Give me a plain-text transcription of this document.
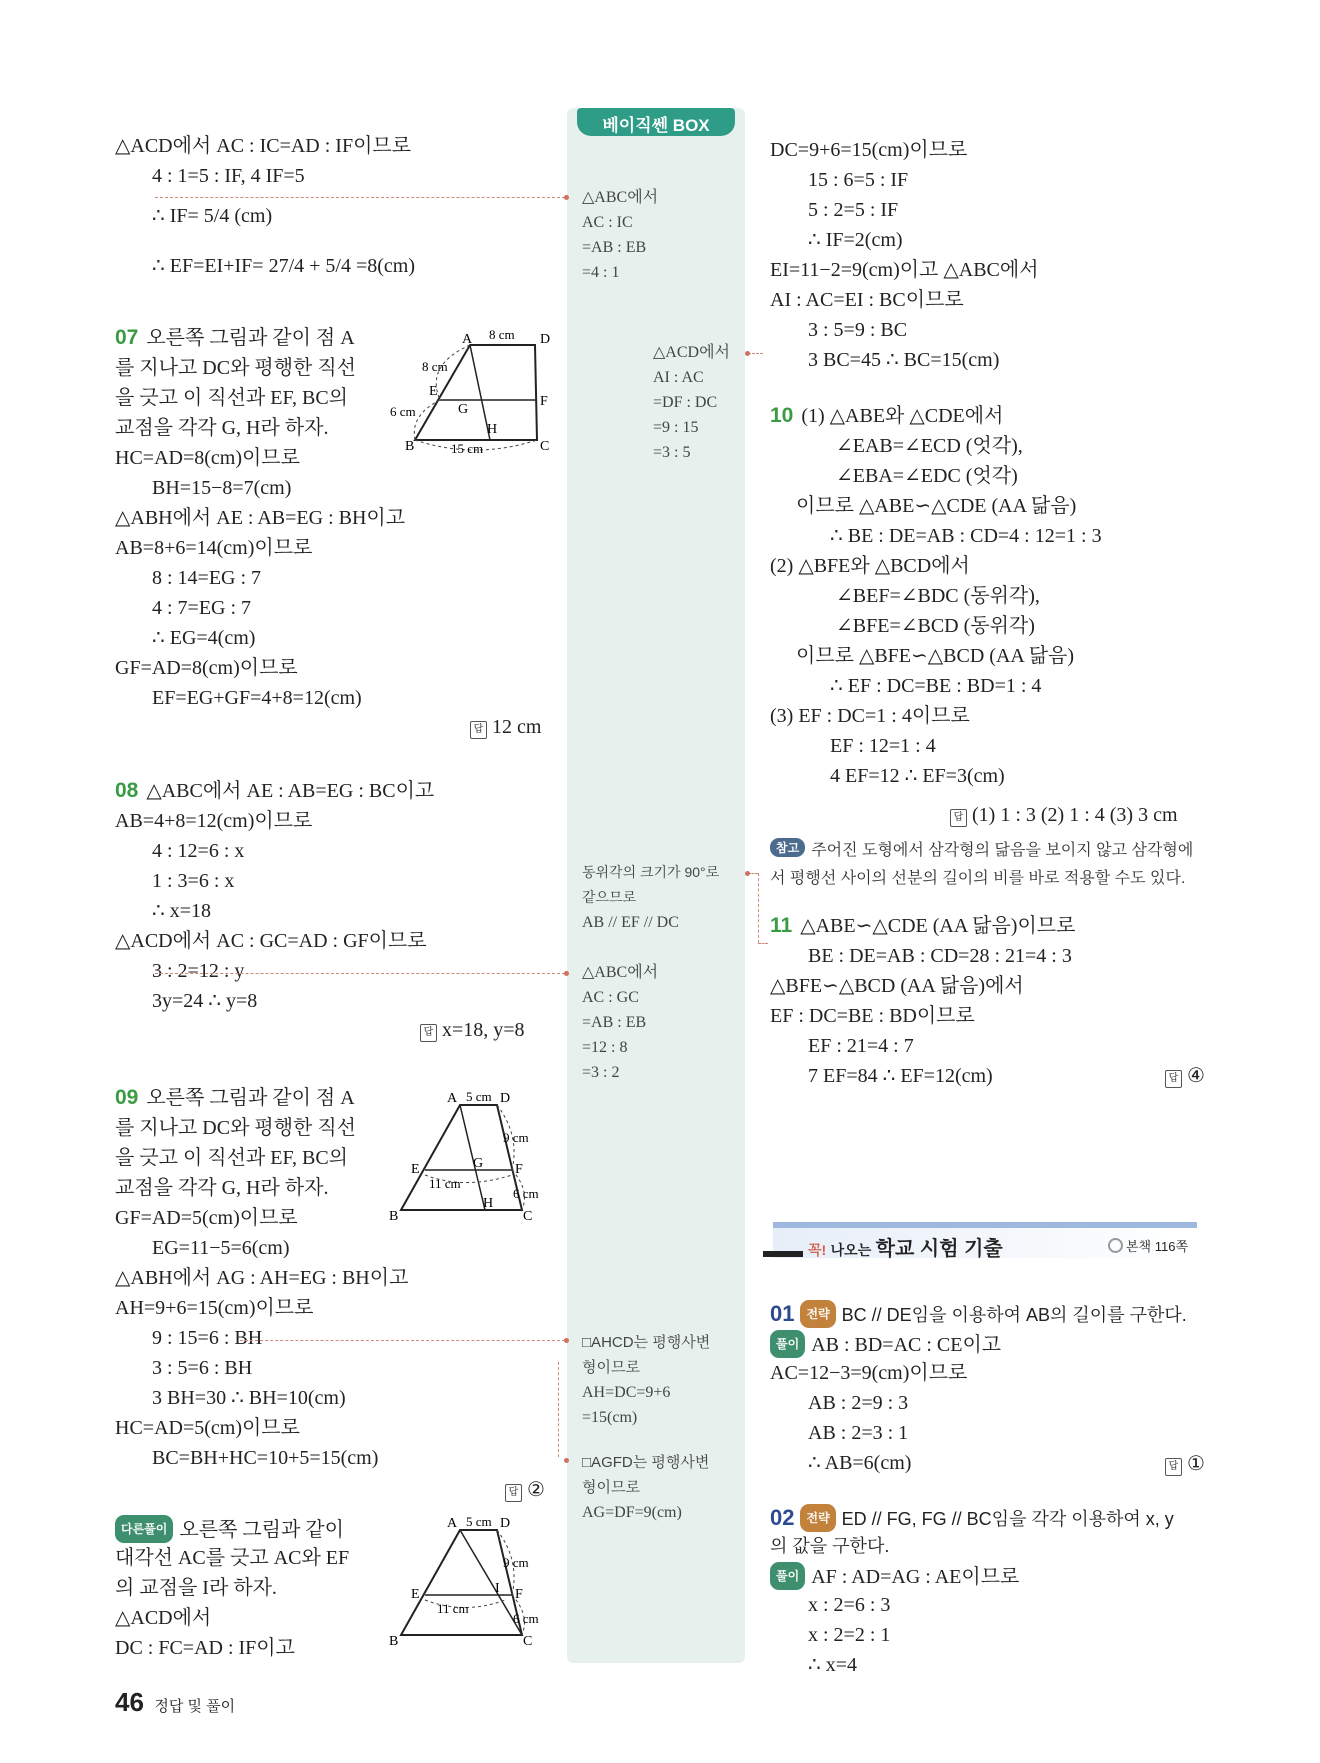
△ACD에서 AC : IC=AD : IF이므로
4 : 1=5 : IF, 4 IF=5
∴ IF= 5/4 (cm)
∴ EF=EI+IF= 27/4 + 5/4 =8(cm)
07 오른쪽 그림과 같이 점 A
를 지나고 DC와 평행한 직선
을 긋고 이 직선과 EF, BC의
교점을 각각 G, H라 하자.
HC=AD=8(cm)이므로
BH=15−8=7(cm)
△ABH에서 AE : AB=EG : BH이고
AB=8+6=14(cm)이므로
8 : 14=EG : 7
4 : 7=EG : 7
∴ EG=4(cm)
GF=AD=8(cm)이므로
EF=EG+GF=4+8=12(cm)
답 12 cm
A	D
E
G
F
B
H
C
8 cm
8 cm
6 cm
15 cm
08 △ABC에서 AE : AB=EG : BC이고
AB=4+8=12(cm)이므로
4 : 12=6 : x
1 : 3=6 : x
∴ x=18
△ACD에서 AC : GC=AD : GF이므로
3 : 2=12 : y
3y=24 ∴ y=8
답 x=18, y=8
09 오른쪽 그림과 같이 점 A
를 지나고 DC와 평행한 직선
을 긋고 이 직선과 EF, BC의
교점을 각각 G, H라 하자.
GF=AD=5(cm)이므로
EG=11−5=6(cm)
△ABH에서 AG : AH=EG : BH이고
AH=9+6=15(cm)이므로
9 : 15=6 : BH
3 : 5=6 : BH
3 BH=30 ∴ BH=10(cm)
HC=AD=5(cm)이므로
BC=BH+HC=10+5=15(cm)
답 ②
A	D
E	G F
B
H
C
5 cm
9 cm
11 cm
6 cm
다른풀이 오른쪽 그림과 같이
대각선 AC를 긋고 AC와 EF
의 교점을 I라 하자.
△ACD에서
DC : FC=AD : IF이고
A	D
E	I F
B	C
5 cm
9 cm
11 cm
6 cm
베이직쎈 BOX
△ABC에서
AC : IC
=AB : EB
=4 : 1
△ACD에서
AI : AC
=DF : DC
=9 : 15
=3 : 5
동위각의 크기가 90°로
같으므로
AB // EF // DC
△ABC에서
AC : GC
=AB : EB
=12 : 8
=3 : 2
□AHCD는 평행사변
형이므로
AH=DC=9+6
=15(cm)
□AGFD는 평행사변
형이므로
AG=DF=9(cm)
DC=9+6=15(cm)이므로
15 : 6=5 : IF
5 : 2=5 : IF
∴ IF=2(cm)
EI=11−2=9(cm)이고 △ABC에서
AI : AC=EI : BC이므로
3 : 5=9 : BC
3 BC=45 ∴ BC=15(cm)
10 (1) △ABE와 △CDE에서
∠EAB=∠ECD (엇각),
∠EBA=∠EDC (엇각)
이므로 △ABE∽△CDE (AA 닮음)
∴ BE : DE=AB : CD=4 : 12=1 : 3
(2) △BFE와 △BCD에서
∠BEF=∠BDC (동위각),
∠BFE=∠BCD (동위각)
이므로 △BFE∽△BCD (AA 닮음)
∴ EF : DC=BE : BD=1 : 4
(3) EF : DC=1 : 4이므로
EF : 12=1 : 4
4 EF=12 ∴ EF=3(cm)
답 (1) 1 : 3 (2) 1 : 4 (3) 3 cm
참고 주어진 도형에서 삼각형의 닮음을 보이지 않고 삼각형에
서 평행선 사이의 선분의 길이의 비를 바로 적용할 수도 있다.
11 △ABE∽△CDE (AA 닮음)이므로
BE : DE=AB : CD=28 : 21=4 : 3
△BFE∽△BCD (AA 닮음)에서
EF : DC=BE : BD이므로
EF : 21=4 : 7
7 EF=84 ∴ EF=12(cm)	답 ④
꼭! 나오는 학교 시험 기출	본책 116쪽
01 전략 BC // DE임을 이용하여 AB의 길이를 구한다.
풀이 AB : BD=AC : CE이고
AC=12−3=9(cm)이므로
AB : 2=9 : 3
AB : 2=3 : 1
∴ AB=6(cm)	답 ①
02 전략 ED // FG, FG // BC임을 각각 이용하여 x, y
의 값을 구한다.
풀이 AF : AD=AG : AE이므로
x : 2=6 : 3
x : 2=2 : 1
∴ x=4
46 정답 및 풀이
